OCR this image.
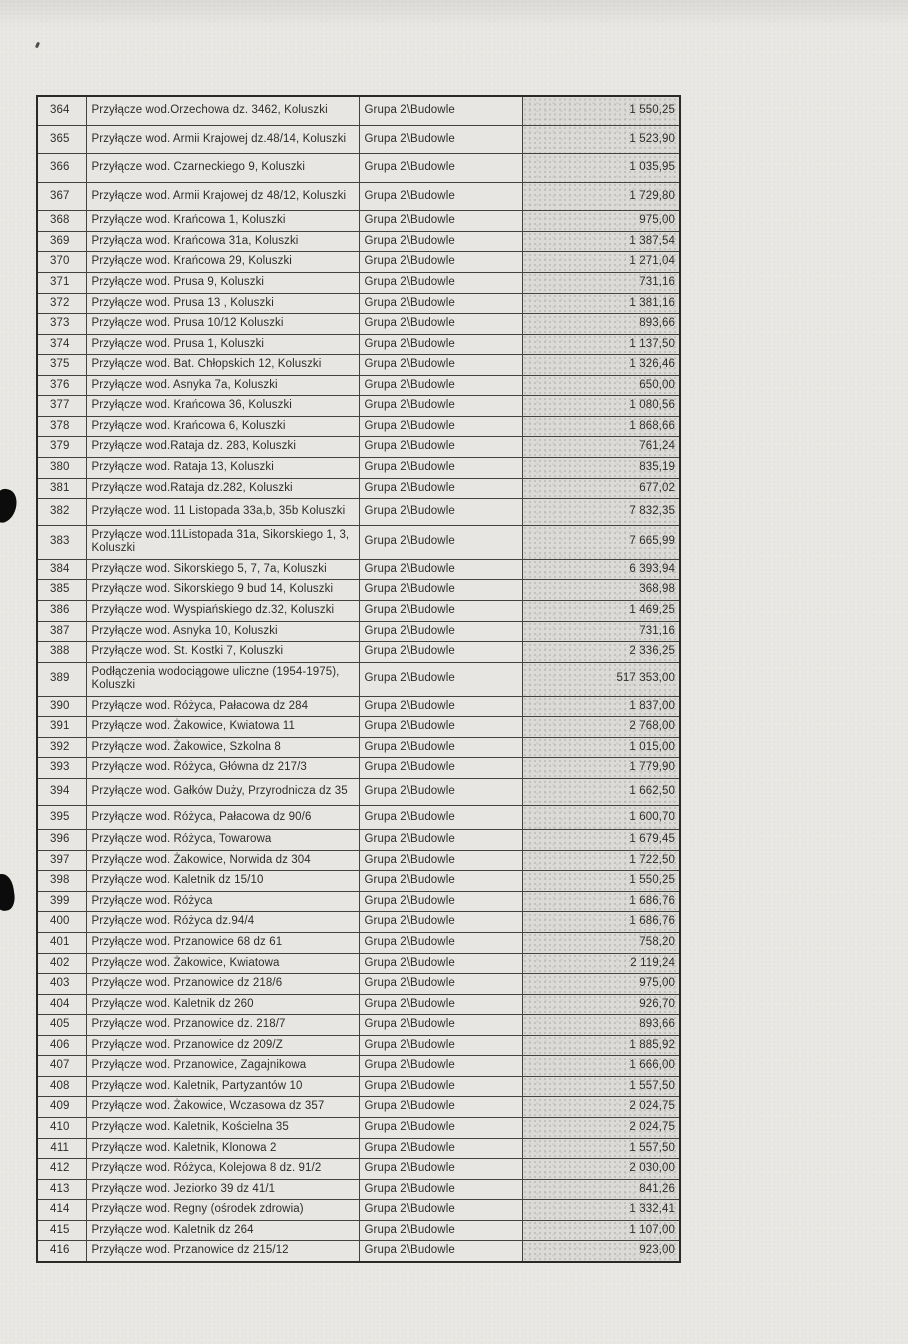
364	Przyłącze wod.Orzechowa dz. 3462, Koluszki	Grupa 2\Budowle	1 550,25
365	Przyłącze wod. Armii Krajowej dz.48/14, Koluszki	Grupa 2\Budowle	1 523,90
366	Przyłącze wod. Czarneckiego 9, Koluszki	Grupa 2\Budowle	1 035,95
367	Przyłącze wod. Armii Krajowej dz 48/12, Koluszki	Grupa 2\Budowle	1 729,80
368	Przyłącze wod. Krańcowa 1, Koluszki	Grupa 2\Budowle	975,00
369	Przyłącza wod. Krańcowa 31a, Koluszki	Grupa 2\Budowle	1 387,54
370	Przyłącze wod. Krańcowa 29, Koluszki	Grupa 2\Budowle	1 271,04
371	Przyłącze wod. Prusa 9, Koluszki	Grupa 2\Budowle	731,16
372	Przyłącze wod. Prusa 13 , Koluszki	Grupa 2\Budowle	1 381,16
373	Przyłącze wod. Prusa 10/12 Koluszki	Grupa 2\Budowle	893,66
374	Przyłącze wod. Prusa 1, Koluszki	Grupa 2\Budowle	1 137,50
375	Przyłącze wod. Bat. Chłopskich 12, Koluszki	Grupa 2\Budowle	1 326,46
376	Przyłącze wod. Asnyka 7a, Koluszki	Grupa 2\Budowle	650,00
377	Przyłącze wod. Krańcowa 36, Koluszki	Grupa 2\Budowle	1 080,56
378	Przyłącze wod. Krańcowa 6, Koluszki	Grupa 2\Budowle	1 868,66
379	Przyłącze wod.Rataja dz. 283, Koluszki	Grupa 2\Budowle	761,24
380	Przyłącze wod. Rataja 13, Koluszki	Grupa 2\Budowle	835,19
381	Przyłącze wod.Rataja dz.282, Koluszki	Grupa 2\Budowle	677,02
382	Przyłącze wod. 11 Listopada 33a,b, 35b Koluszki	Grupa 2\Budowle	7 832,35
383	Przyłącze wod.11Listopada 31a, Sikorskiego 1, 3, Koluszki	Grupa 2\Budowle	7 665,99
384	Przyłącze wod. Sikorskiego 5, 7, 7a, Koluszki	Grupa 2\Budowle	6 393,94
385	Przyłącze wod. Sikorskiego 9 bud 14, Koluszki	Grupa 2\Budowle	368,98
386	Przyłącze wod. Wyspiańskiego dz.32, Koluszki	Grupa 2\Budowle	1 469,25
387	Przyłącze wod. Asnyka 10, Koluszki	Grupa 2\Budowle	731,16
388	Przyłącze wod. St. Kostki 7, Koluszki	Grupa 2\Budowle	2 336,25
389	Podłączenia wodociągowe uliczne (1954-1975), Koluszki	Grupa 2\Budowle	517 353,00
390	Przyłącze wod. Różyca, Pałacowa dz 284	Grupa 2\Budowle	1 837,00
391	Przyłącze wod. Żakowice, Kwiatowa 11	Grupa 2\Budowle	2 768,00
392	Przyłącze wod. Żakowice, Szkolna 8	Grupa 2\Budowle	1 015,00
393	Przyłącze wod. Różyca, Główna dz 217/3	Grupa 2\Budowle	1 779,90
394	Przyłącze wod. Gałków Duży, Przyrodnicza dz 35	Grupa 2\Budowle	1 662,50
395	Przyłącze wod. Różyca, Pałacowa dz 90/6	Grupa 2\Budowle	1 600,70
396	Przyłącze wod. Różyca, Towarowa	Grupa 2\Budowle	1 679,45
397	Przyłącze wod. Żakowice, Norwida dz 304	Grupa 2\Budowle	1 722,50
398	Przyłącze wod. Kaletnik dz 15/10	Grupa 2\Budowle	1 550,25
399	Przyłącze wod. Różyca	Grupa 2\Budowle	1 686,76
400	Przyłącze wod. Różyca dz.94/4	Grupa 2\Budowle	1 686,76
401	Przyłącze wod. Przanowice 68 dz 61	Grupa 2\Budowle	758,20
402	Przyłącze wod. Żakowice, Kwiatowa	Grupa 2\Budowle	2 119,24
403	Przyłącze wod. Przanowice dz 218/6	Grupa 2\Budowle	975,00
404	Przyłącze wod. Kaletnik dz 260	Grupa 2\Budowle	926,70
405	Przyłącze wod. Przanowice dz. 218/7	Grupa 2\Budowle	893,66
406	Przyłącze wod. Przanowice dz 209/Z	Grupa 2\Budowle	1 885,92
407	Przyłącze wod. Przanowice, Zagajnikowa	Grupa 2\Budowle	1 666,00
408	Przyłącze wod. Kaletnik, Partyzantów 10	Grupa 2\Budowle	1 557,50
409	Przyłącze wod. Żakowice, Wczasowa dz 357	Grupa 2\Budowle	2 024,75
410	Przyłącze wod. Kaletnik, Kościelna 35	Grupa 2\Budowle	2 024,75
411	Przyłącze wod. Kaletnik, Klonowa 2	Grupa 2\Budowle	1 557,50
412	Przyłącze wod. Różyca, Kolejowa 8 dz. 91/2	Grupa 2\Budowle	2 030,00
413	Przyłącze wod. Jeziorko 39 dz 41/1	Grupa 2\Budowle	841,26
414	Przyłącze wod. Regny (ośrodek zdrowia)	Grupa 2\Budowle	1 332,41
415	Przyłącze wod. Kaletnik dz 264	Grupa 2\Budowle	1 107,00
416	Przyłącze wod. Przanowice dz 215/12	Grupa 2\Budowle	923,00
